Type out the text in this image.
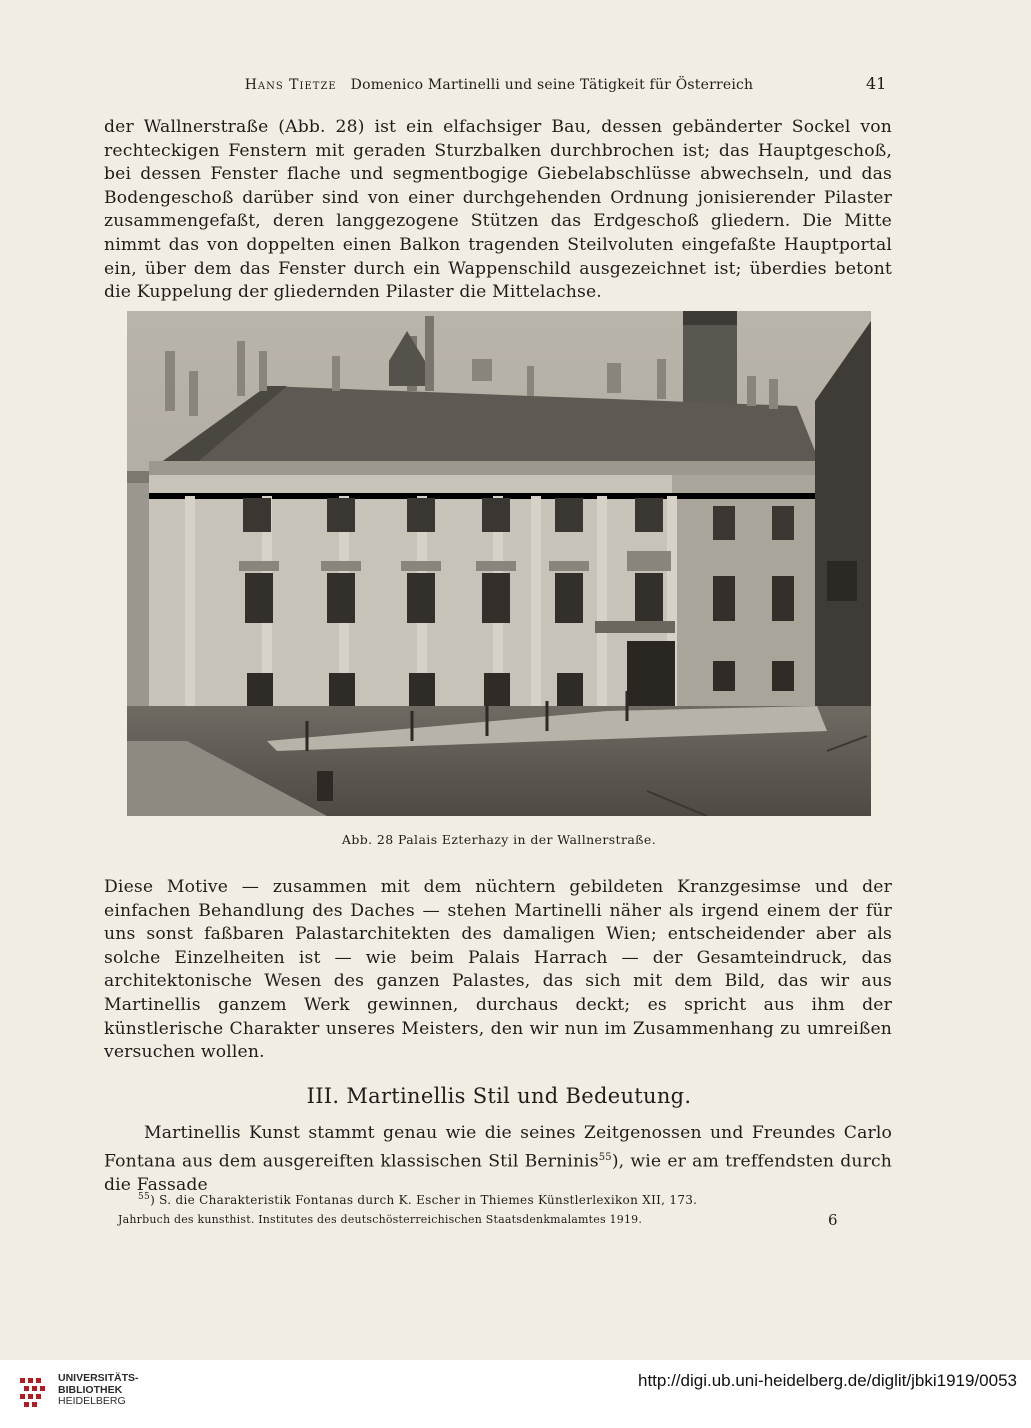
Hans Tietze Domenico Martinelli und seine Tätigkeit für Österreich	41

der Wallnerstraße (Abb. 28) ist ein elfachsiger Bau, dessen gebänderter Sockel von rechteckigen Fenstern mit geraden Sturzbalken durchbrochen ist; das Hauptgeschoß, bei dessen Fenster flache und segmentbogige Giebelabschlüsse abwechseln, und das Bodengeschoß darüber sind von einer durchgehenden Ordnung jonisierender Pilaster zusammengefaßt, deren langgezogene Stützen das Erdgeschoß gliedern. Die Mitte nimmt das von doppelten einen Balkon tragenden Steilvoluten eingefaßte Hauptportal ein, über dem das Fenster durch ein Wappenschild ausgezeichnet ist; überdies betont die Kuppelung der gliedernden Pilaster die Mittelachse.

Abb. 28 Palais Ezterhazy in der Wallnerstraße.

Diese Motive — zusammen mit dem nüchtern gebildeten Kranzgesimse und der einfachen Behandlung des Daches — stehen Martinelli näher als irgend einem der für uns sonst faßbaren Palastarchitekten des damaligen Wien; entscheidender aber als solche Einzelheiten ist — wie beim Palais Harrach — der Gesamteindruck, das architektonische Wesen des ganzen Palastes, das sich mit dem Bild, das wir aus Martinellis ganzem Werk gewinnen, durchaus deckt; es spricht aus ihm der künstlerische Charakter unseres Meisters, den wir nun im Zusammenhang zu umreißen versuchen wollen.

III. Martinellis Stil und Bedeutung.

Martinellis Kunst stammt genau wie die seines Zeitgenossen und Freundes Carlo Fontana aus dem ausgereiften klassischen Stil Berninis$^{55}$), wie er am treffendsten durch die Fassade

$^{55}$) S. die Charakteristik Fontanas durch K. Escher in Thiemes Künstlerlexikon XII, 173.
Jahrbuch des kunsthist. Institutes des deutschösterreichischen Staatsdenkmalamtes 1919.	6
UNIVERSITÄTS-
BIBLIOTHEK
HEIDELBERG
http://digi.ub.uni-heidelberg.de/diglit/jbki1919/0053
